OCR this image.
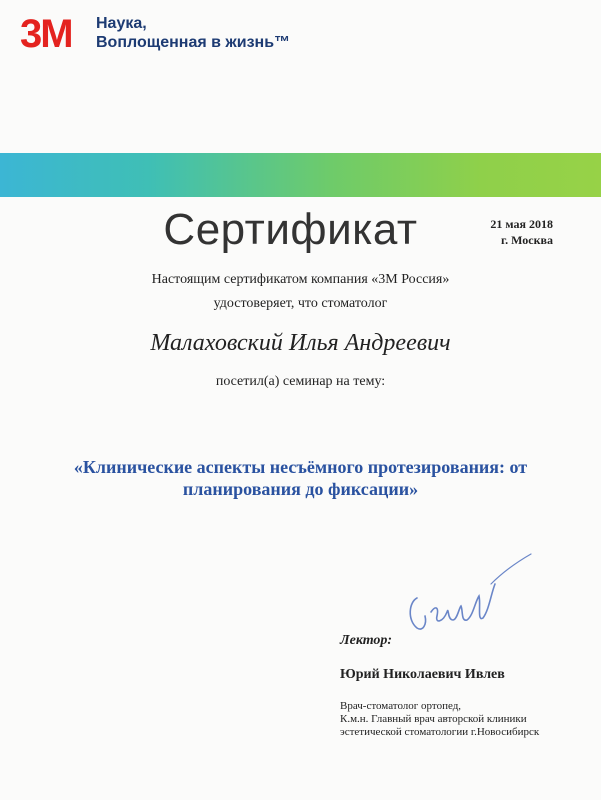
3M Наука,
Воплощенная в жизнь™
Сертификат	21 мая 2018
г. Москва
Настоящим сертификатом компания «3М Россия»
удостоверяет, что стоматолог
Малаховский Илья Андреевич
посетил(а) семинар на тему:
«Клинические аспекты несъёмного протезирования: от планирования до фиксации»
Лектор:
Юрий Николаевич Ивлев
Врач-стоматолог ортопед,
К.м.н. Главный врач авторской клиники
эстетической стоматологии г.Новосибирск
